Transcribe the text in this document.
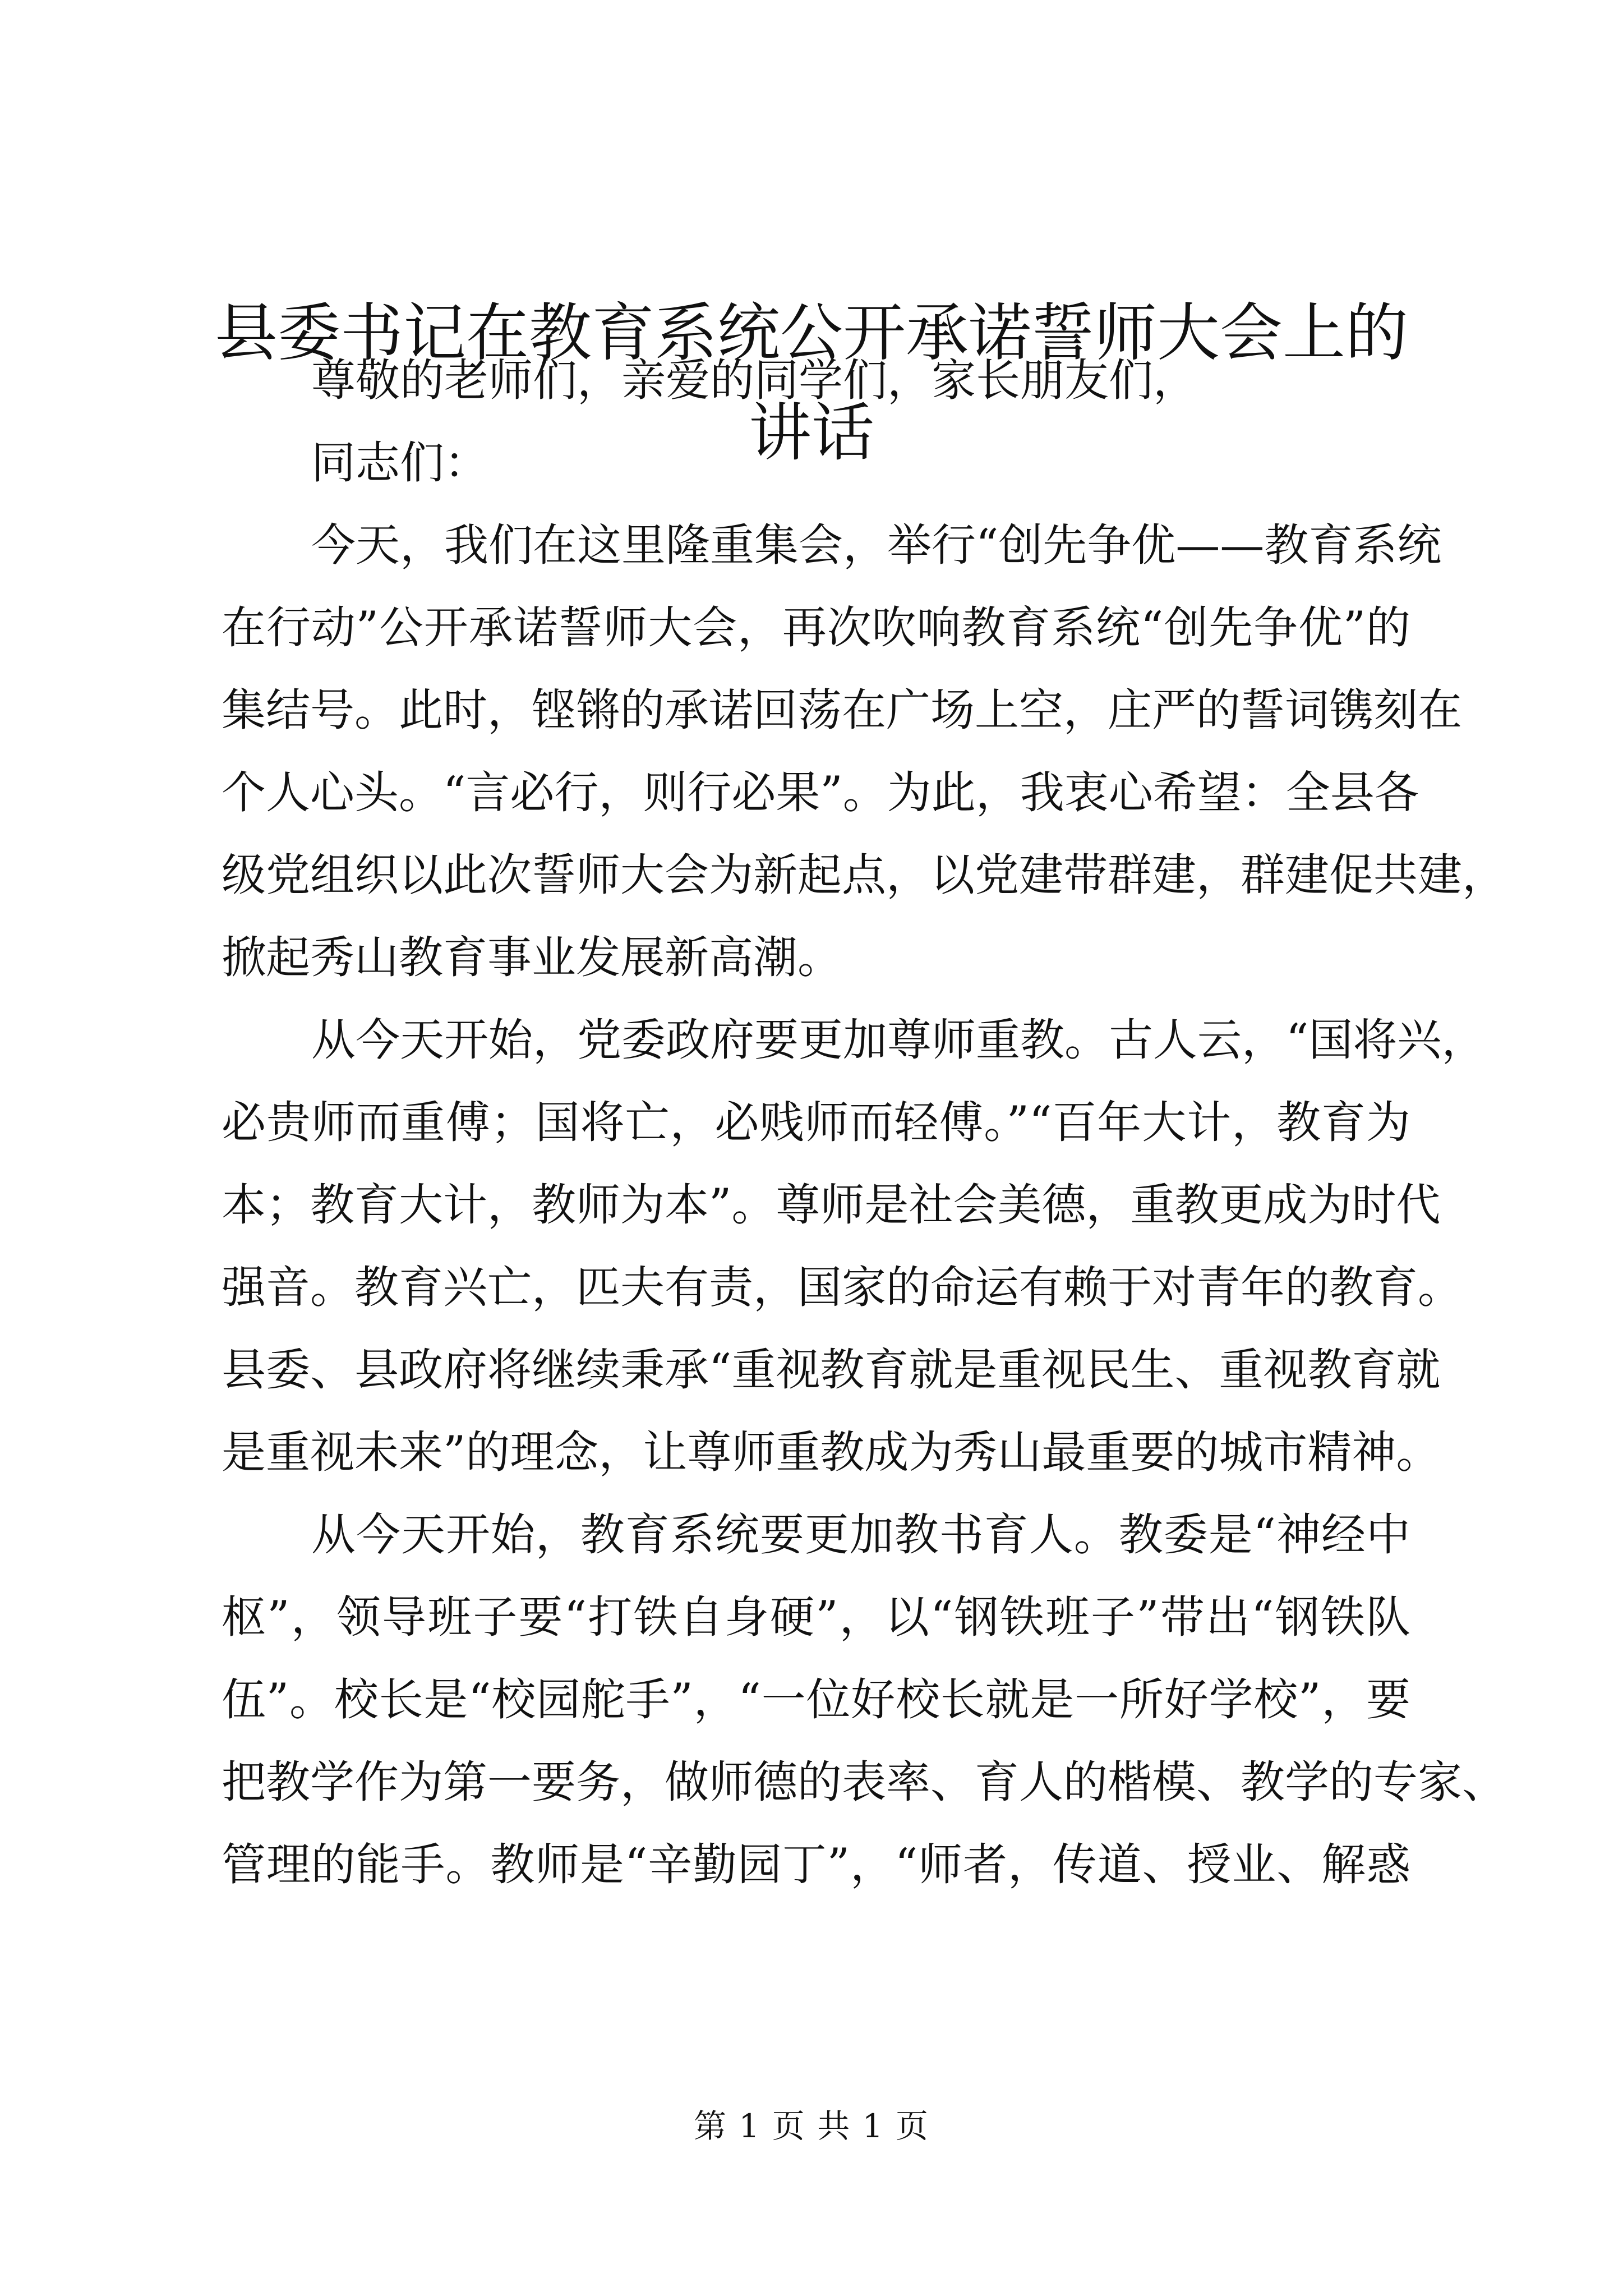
县委书记在教育系统公开承诺誓师大会上的讲话

尊敬的老师们，亲爱的同学们，家长朋友们，

同志们：

今天，我们在这里隆重集会，举行“创先争优——教育系统

在行动”公开承诺誓师大会，再次吹响教育系统“创先争优”的

集结号。此时，铿锵的承诺回荡在广场上空，庄严的誓词镌刻在

个人心头。“言必行，则行必果”。为此，我衷心希望：全县各

级党组织以此次誓师大会为新起点，以党建带群建，群建促共建，

掀起秀山教育事业发展新高潮。

从今天开始，党委政府要更加尊师重教。古人云，“国将兴，

必贵师而重傅；国将亡，必贱师而轻傅。”“百年大计，教育为

本；教育大计，教师为本”。尊师是社会美德，重教更成为时代

强音。教育兴亡，匹夫有责，国家的命运有赖于对青年的教育。

县委、县政府将继续秉承“重视教育就是重视民生、重视教育就

是重视未来”的理念，让尊师重教成为秀山最重要的城市精神。

从今天开始，教育系统要更加教书育人。教委是“神经中

枢”，领导班子要“打铁自身硬”，以“钢铁班子”带出“钢铁队

伍”。校长是“校园舵手”，“一位好校长就是一所好学校”，要

把教学作为第一要务，做师德的表率、育人的楷模、教学的专家、

管理的能手。教师是“辛勤园丁”，“师者，传道、授业、解惑

第 1 页 共 1 页
